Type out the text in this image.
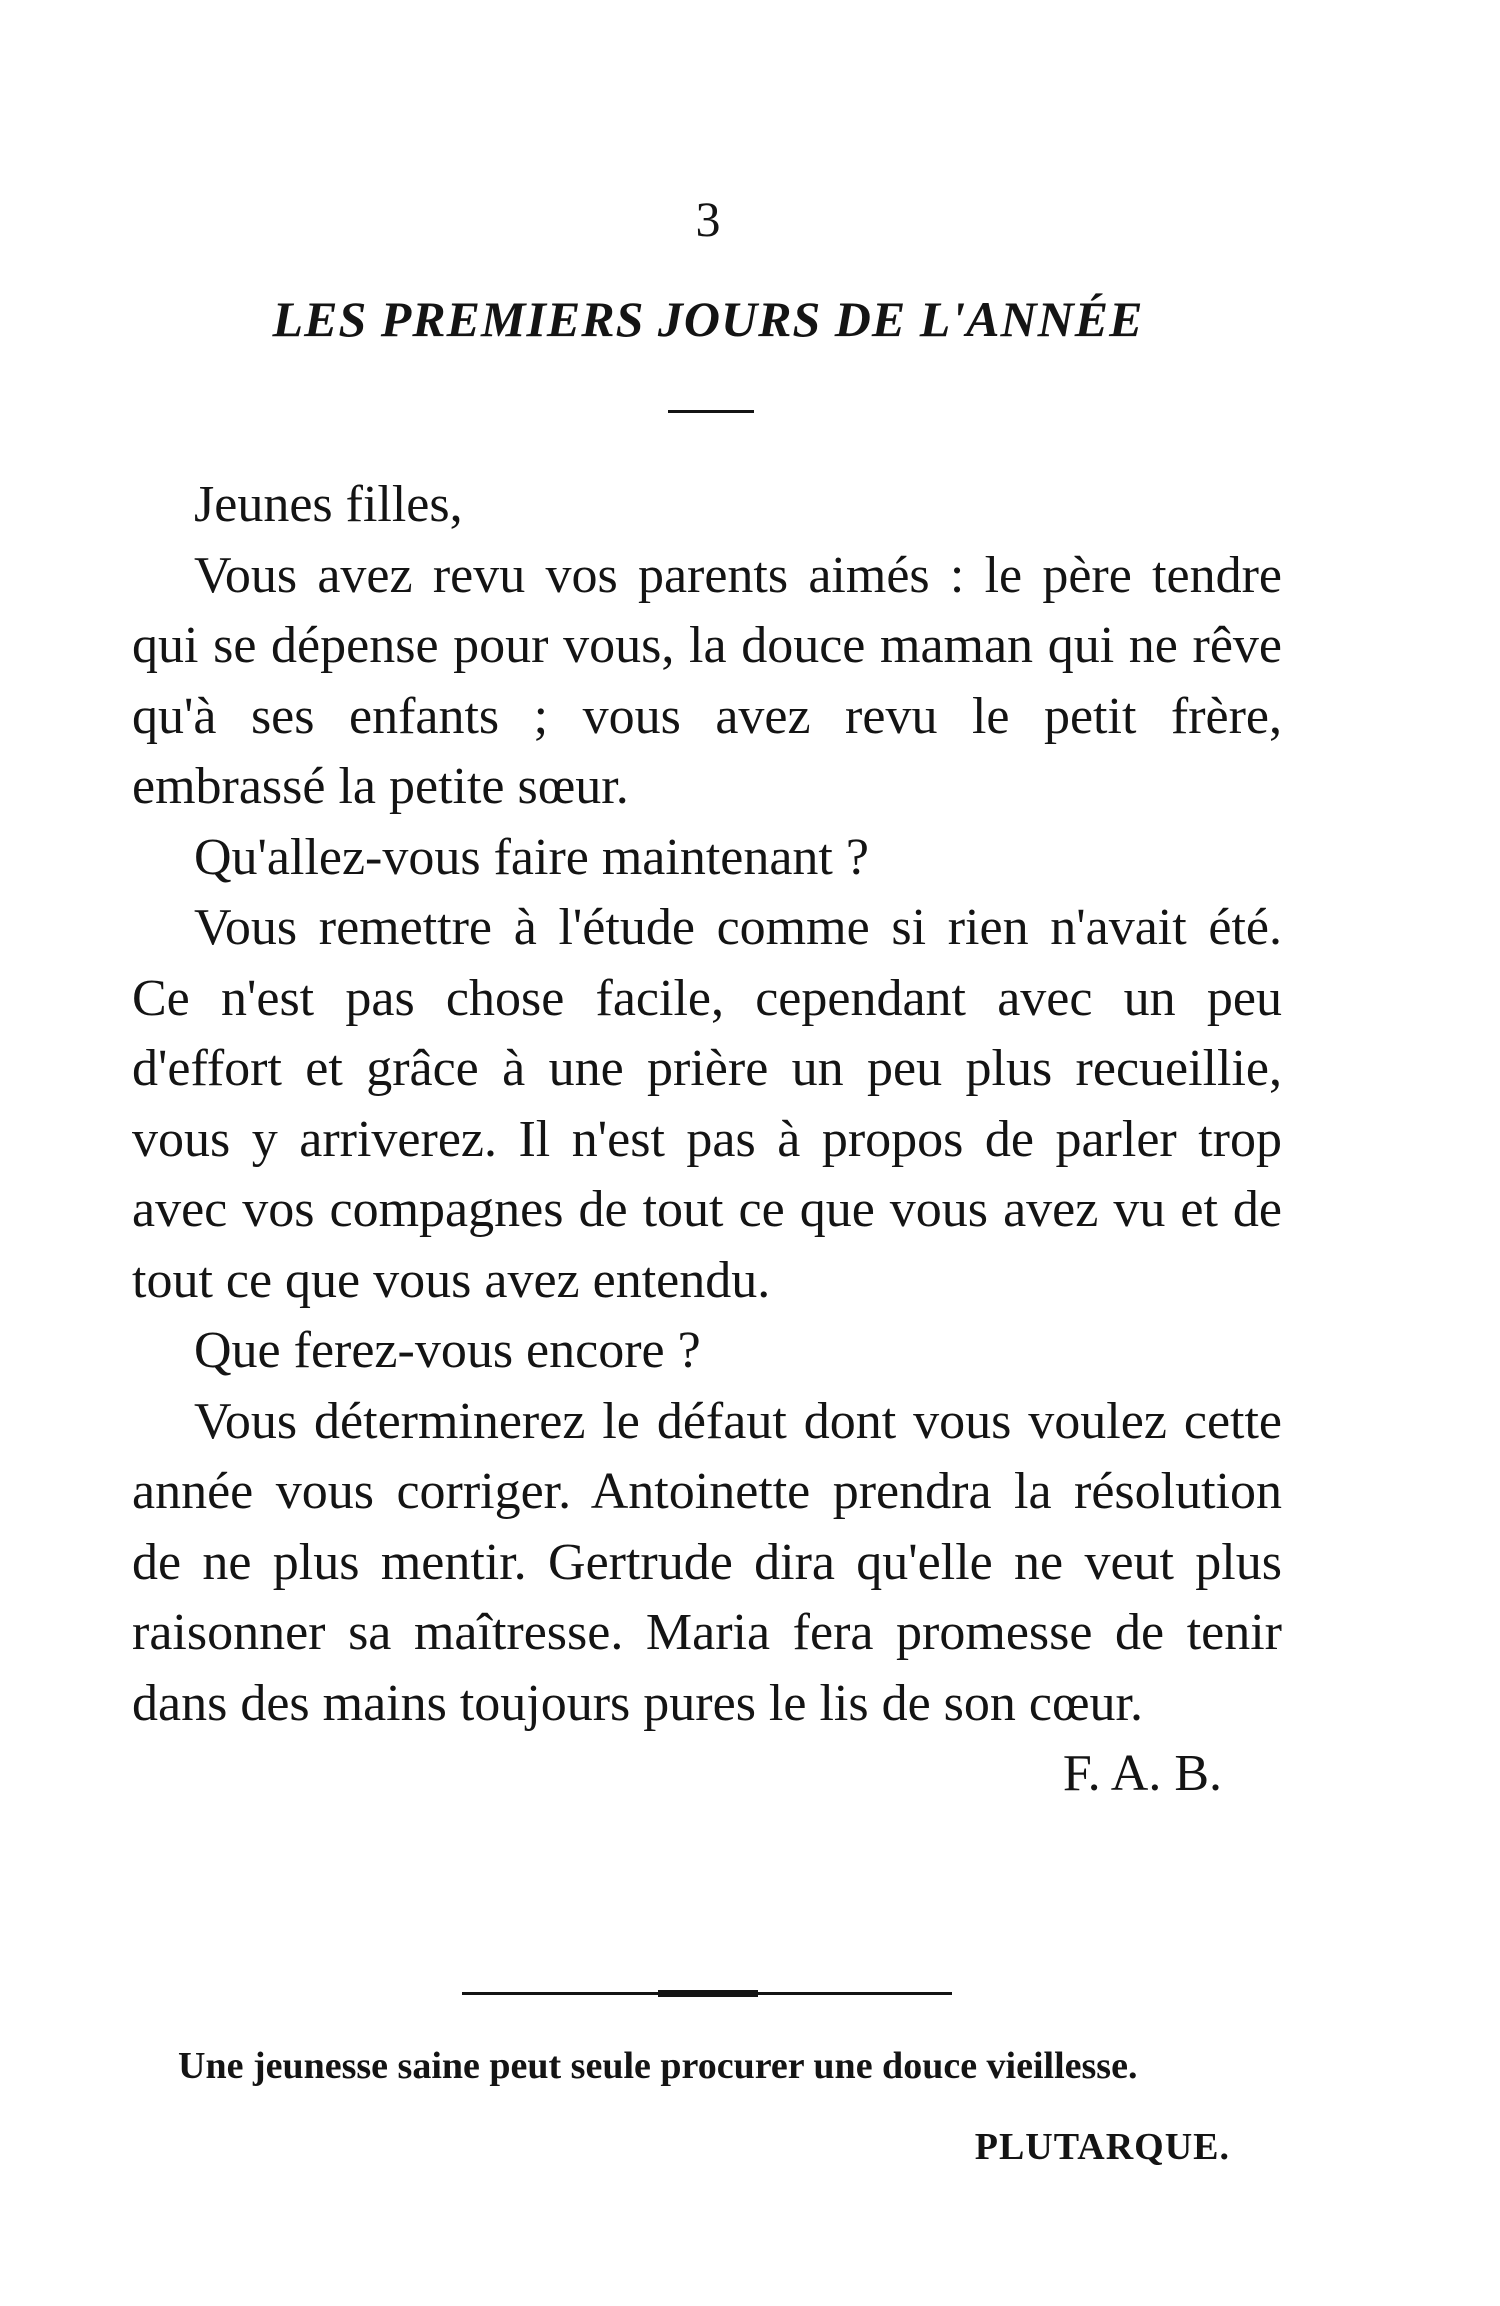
3
LES PREMIERS JOURS DE L'ANNÉE

Jeunes filles,

Vous avez revu vos parents aimés : le père tendre qui se dépense pour vous, la douce maman qui ne rêve qu'à ses enfants ; vous avez revu le petit frère, embrassé la petite sœur.

Qu'allez-vous faire maintenant ?

Vous remettre à l'étude comme si rien n'avait été. Ce n'est pas chose facile, cependant avec un peu d'effort et grâce à une prière un peu plus recueillie, vous y arriverez. Il n'est pas à propos de parler trop avec vos compagnes de tout ce que vous avez vu et de tout ce que vous avez entendu.

Que ferez-vous encore ?

Vous déterminerez le défaut dont vous voulez cette année vous corriger. Antoinette prendra la résolution de ne plus mentir. Gertrude dira qu'elle ne veut plus raisonner sa maîtresse. Maria fera promesse de tenir dans des mains toujours pures le lis de son cœur.

F. A. B.

Une jeunesse saine peut seule procurer une douce vieillesse.

PLUTARQUE.
